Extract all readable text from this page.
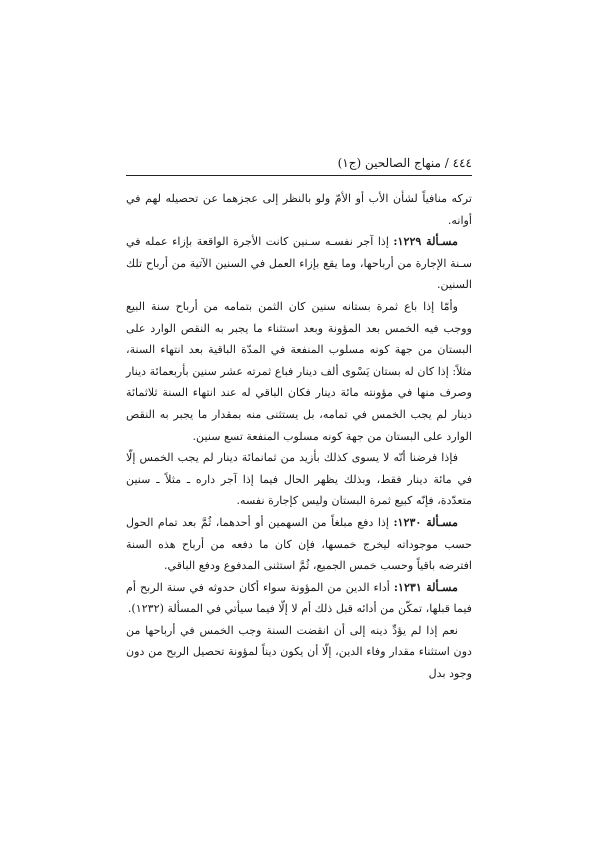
٤٤٤ / منهاج الصالحين (ج١)

تركه منافياً لشأن الأب أو الأمّ ولو بالنظر إلى عجزهما عن تحصيله لهم في أوانه.

مسـألة ١٢٢٩: إذا آجر نفسـه سـنين كانت الأجرة الواقعة بإزاء عمله في سـنة الإجارة من أرباحها، وما يقع بإزاء العمل في السنين الآتية من أرباح تلك السنين.

وأمّا إذا باع ثمرة بستانه سنين كان الثمن بتمامه من أرباح سنة البيع ووجب فيه الخمس بعد المؤونة وبعد استثناء ما يجبر به النقص الوارد على البستان من جهة كونه مسلوب المنفعة في المدّة الباقية بعد انتهاء السنة، مثلاً: إذا كان له بستان يَسْوى ألف دينار فباع ثمرته عشر سنين بأربعمائة دينار وصرف منها في مؤونته مائة دينار فكان الباقي له عند انتهاء السنة ثلاثمائة دينار لم يجب الخمس في تمامه، بل يستثنى منه بمقدار ما يجبر به النقص الوارد على البستان من جهة كونه مسلوب المنفعة تسع سنين.

فإذا فرضنا أنّه لا يسوى كذلك بأزيد من ثمانمائة دينار لم يجب الخمس إلّا في مائة دينار فقط، وبذلك يظهر الحال فيما إذا آجر داره ـ مثلاً ـ سنين متعدّدة، فإنّه كبيع ثمرة البستان وليس كإجارة نفسه.

مسـألة ١٢٣٠: إذا دفع مبلغاً من السهمين أو أحدهما، ثُمَّ بعد تمام الحول حسب موجوداته ليخرج خمسها، فإن كان ما دفعه من أرباح هذه السنة افترضه باقياً وحسب خمس الجميع، ثُمَّ استثنى المدفوع ودفع الباقي.

مسـألة ١٢٣١: أداء الدين من المؤونة سواء أكان حدوثه في سنة الربح أم فيما قبلها، تمكّن من أدائه قبل ذلك أم لا إلّا فيما سيأتي في المسألة (١٢٣٢).

نعم إذا لم يؤدِّ دينه إلى أن انقضت السنة وجب الخمس في أرباحها من دون استثناء مقدار وفاء الدين، إلّا أن يكون ديناً لمؤونة تحصيل الربح من دون وجود بدل
